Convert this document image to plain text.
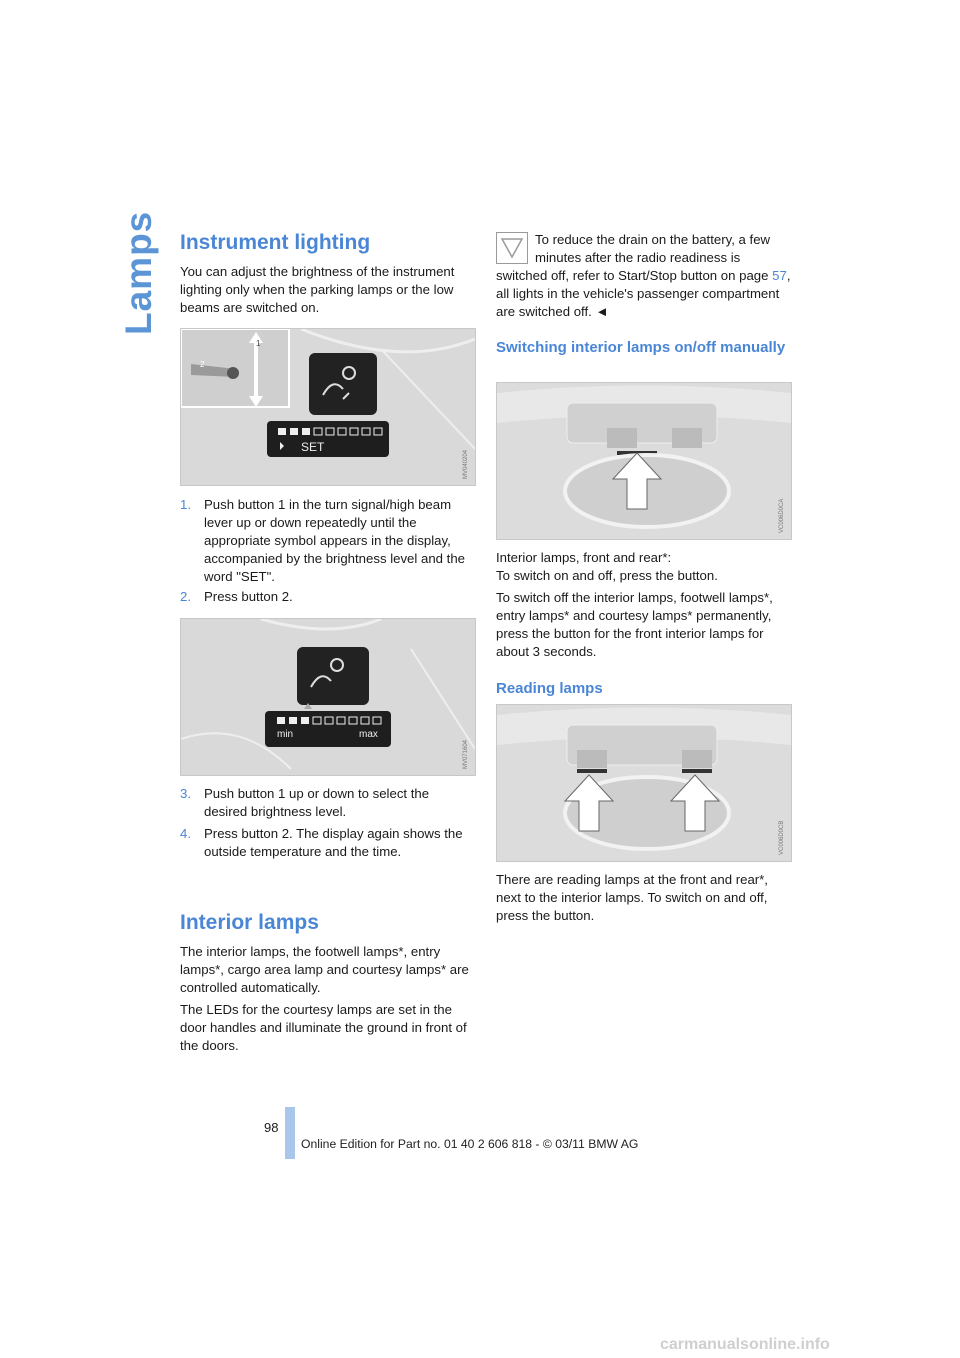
Lamps Instrument lighting

You can adjust the brightness of the instrument lighting only when the parking lamps or the low beams are switched on.

2
1
SET
MV040204
1. Push button 1 in the turn signal/high beam lever up or down repeatedly until the appropriate symbol appears in the display, accompanied by the brightness level and the word "SET".
2. Press button 2.
min	max
MV071604
3. Push button 1 up or down to select the desired brightness level.
4. Press button 2. The display again shows the outside temperature and the time.
Interior lamps

The interior lamps, the footwell lamps*, entry lamps*, cargo area lamp and courtesy lamps* are controlled automatically.

The LEDs for the courtesy lamps are set in the door handles and illuminate the ground in front of the doors.

To reduce the drain on the battery, a few

minutes after the radio readiness is

switched off, refer to Start/Stop button on page 57, all lights in the vehicle's passenger compartment are switched off. ◄

Switching interior lamps on/off manually
VC006D0CA

Interior lamps, front and rear*:

To switch on and off, press the button.

To switch off the interior lamps, footwell lamps*, entry lamps* and courtesy lamps* permanently, press the button for the front interior lamps for about 3 seconds.

Reading lamps
VC006D0CB

There are reading lamps at the front and rear*, next to the interior lamps. To switch on and off, press the button.

98
Online Edition for Part no. 01 40 2 606 818 - © 03/11 BMW AG
carmanualsonline.info
